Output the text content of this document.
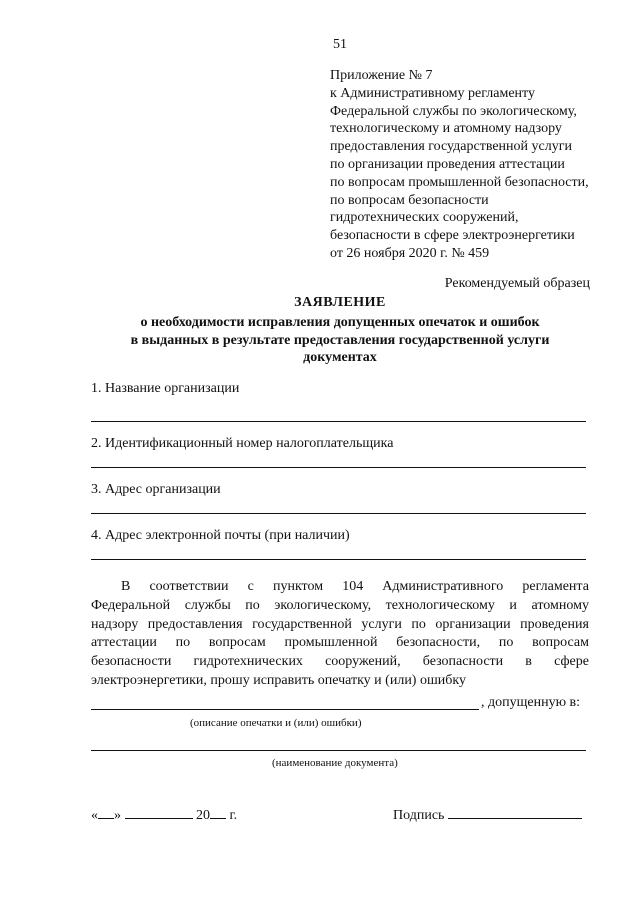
51
Приложение № 7
к Административному регламенту
Федеральной службы по экологическому,
технологическому и атомному надзору
предоставления государственной услуги
по организации проведения аттестации
по вопросам промышленной безопасности,
по вопросам безопасности
гидротехнических сооружений,
безопасности в сфере электроэнергетики
от 26 ноября 2020 г. № 459
Рекомендуемый образец
ЗАЯВЛЕНИЕ
о необходимости исправления допущенных опечаток и ошибок
в выданных в результате предоставления государственной услуги
документах
1. Название организации
2. Идентификационный номер налогоплательщика
3. Адрес организации
4. Адрес электронной почты (при наличии)
В соответствии с пунктом 104 Административного регламента
Федеральной службы по экологическому, технологическому и атомному
надзору предоставления государственной услуги по организации проведения
аттестации по вопросам промышленной безопасности, по вопросам
безопасности гидротехнических сооружений, безопасности в сфере
электроэнергетики, прошу исправить опечатку и (или) ошибку
, допущенную в:
(описание опечатки и (или) ошибки)
(наименование документа)
« »	20 г.	Подпись
